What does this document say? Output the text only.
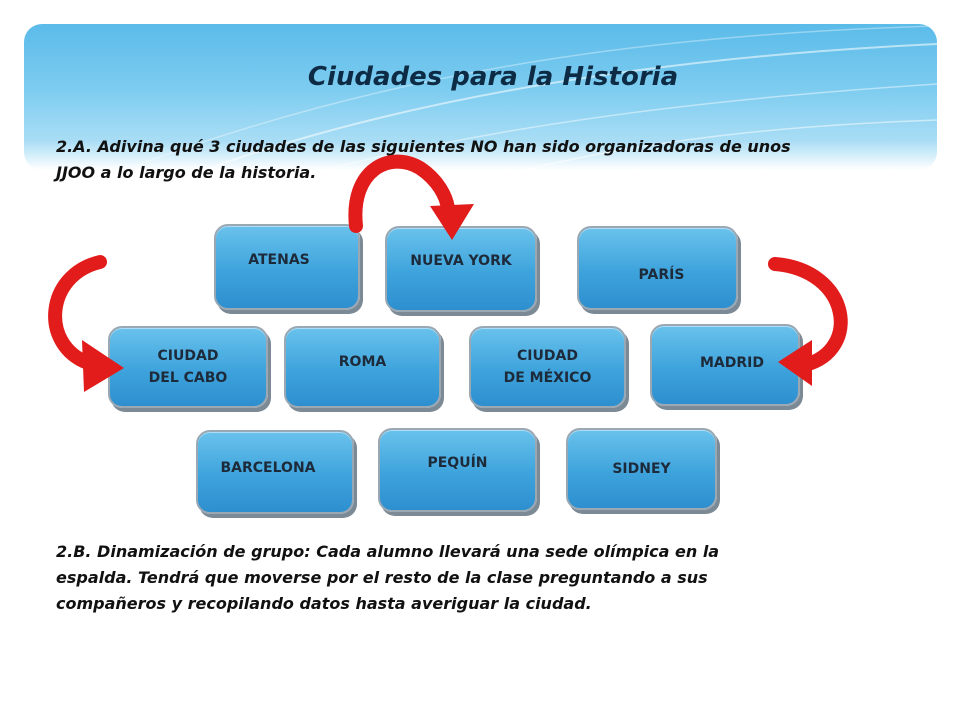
Ciudades para la Historia

2.A. Adivina qué 3 ciudades de las siguientes NO han sido organizadoras de unos JJOO a lo largo de la historia.

ATENAS	NUEVA YORK
PARÍS
CIUDAD
DEL CABO
ROMA	CIUDAD
DE MÉXICO
MADRID
BARCELONA	PEQUÍN	SIDNEY

2.B. Dinamización de grupo: Cada alumno llevará una sede olímpica en la espalda. Tendrá que moverse por el resto de la clase preguntando a sus compañeros y recopilando datos hasta averiguar la ciudad.
